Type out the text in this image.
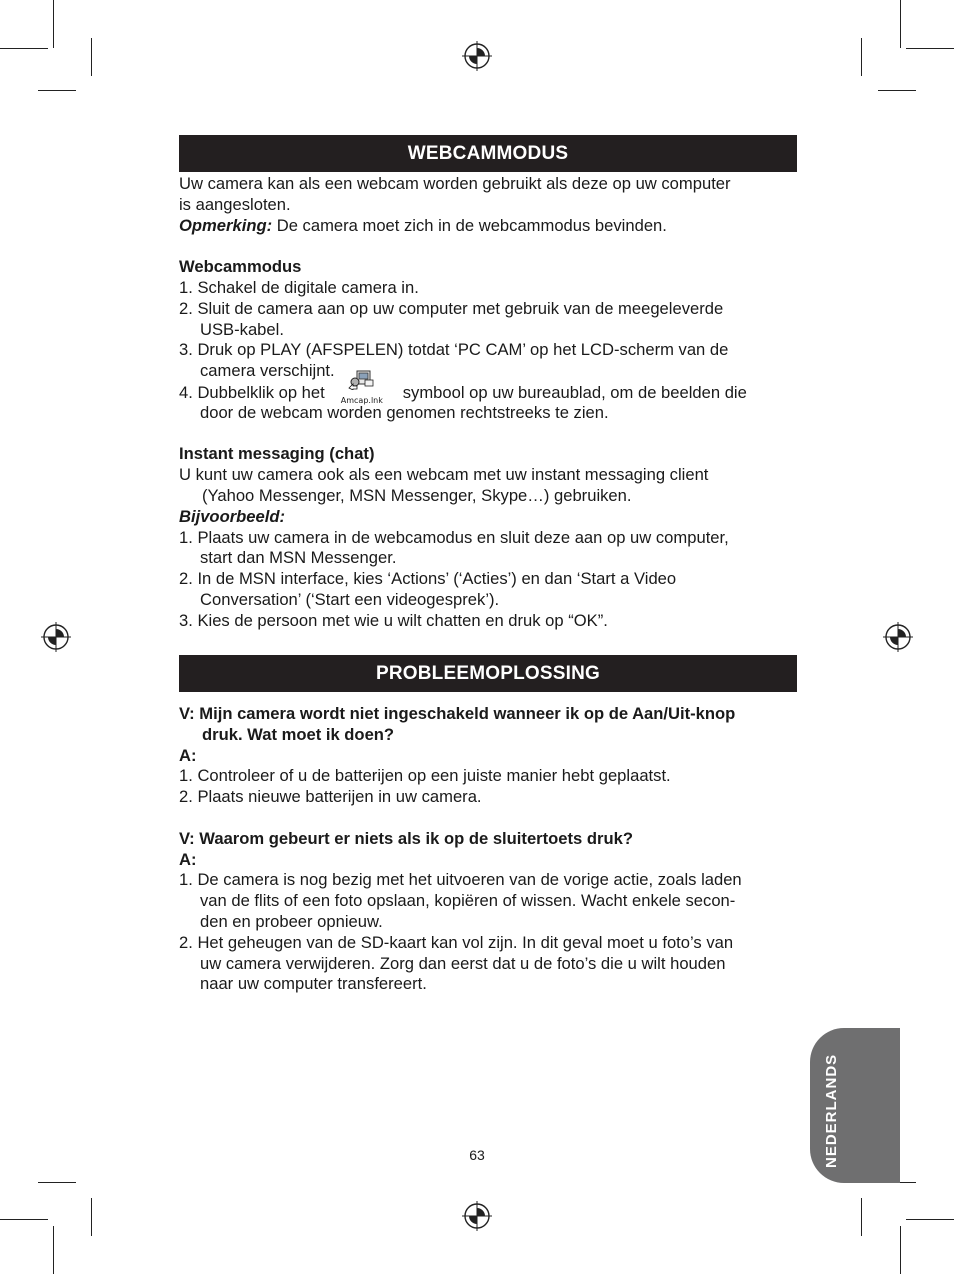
WEBCAMMODUS
Uw camera kan als een webcam worden gebruikt als deze op uw computer
is aangesloten.
Opmerking: De camera moet zich in de webcammodus bevinden.
Webcammodus
1. Schakel de digitale camera in.
2. Sluit de camera aan op uw computer met gebruik van de meegeleverde
USB-kabel.
3. Druk op PLAY (AFSPELEN) totdat ‘PC CAM’ op het LCD-scherm van de
camera verschijnt.
4. Dubbelklik op het Amcap.lnk symbool op uw bureaublad, om de beelden die
door de webcam worden genomen rechtstreeks te zien.
Instant messaging (chat)
U kunt uw camera ook als een webcam met uw instant messaging client
(Yahoo Messenger, MSN Messenger, Skype…) gebruiken.
Bijvoorbeeld:
1. Plaats uw camera in de webcamodus en sluit deze aan op uw computer,
start dan MSN Messenger.
2. In de MSN interface, kies ‘Actions’ (‘Acties’) en dan ‘Start a Video
Conversation’ (‘Start een videogesprek’).
3. Kies de persoon met wie u wilt chatten en druk op “OK”.
PROBLEEMOPLOSSING
V: Mijn camera wordt niet ingeschakeld wanneer ik op de Aan/Uit-knop
druk. Wat moet ik doen?
A:
1. Controleer of u de batterijen op een juiste manier hebt geplaatst.
2. Plaats nieuwe batterijen in uw camera.
V: Waarom gebeurt er niets als ik op de sluitertoets druk?
A:
1. De camera is nog bezig met het uitvoeren van de vorige actie, zoals laden
van de flits of een foto opslaan, kopiëren of wissen. Wacht enkele secon-
den en probeer opnieuw.
2. Het geheugen van de SD-kaart kan vol zijn. In dit geval moet u foto’s van
uw camera verwijderen. Zorg dan eerst dat u de foto’s die u wilt houden
naar uw computer transfereert.
NEDERLANDS
63
